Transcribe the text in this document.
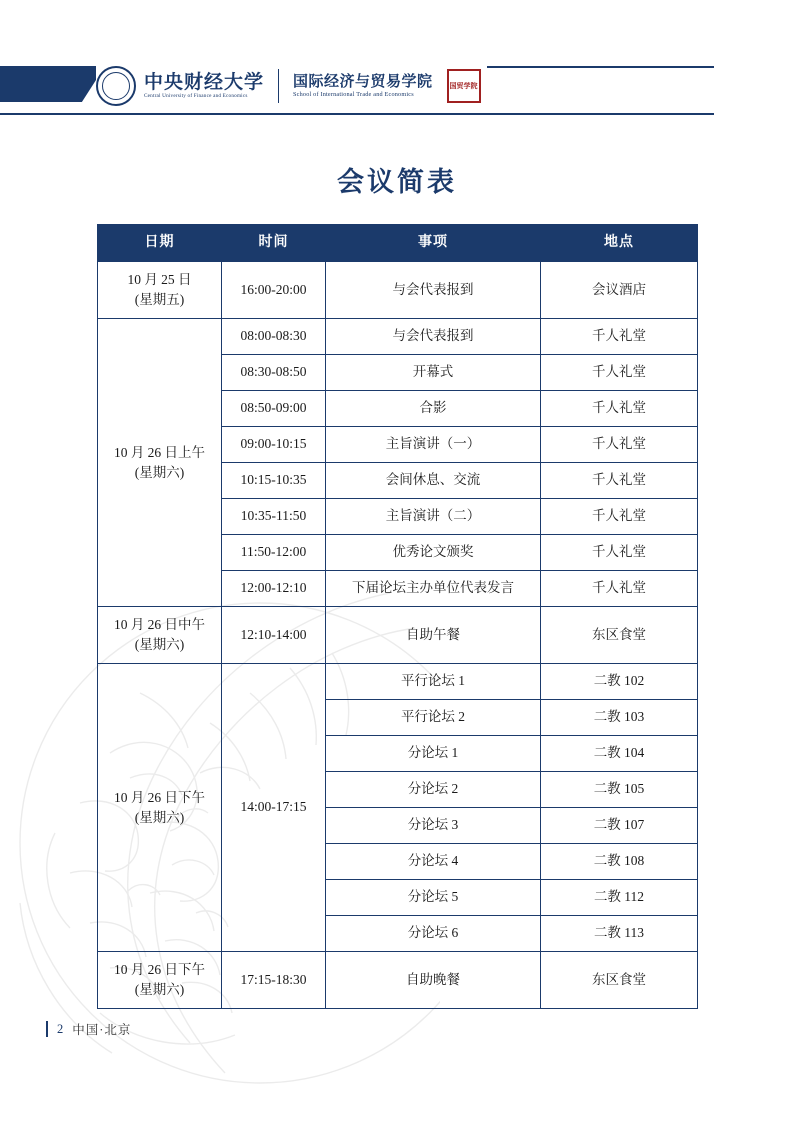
中央财经大学
Central University of Finance and Economics
国际经济与贸易学院
School of International Trade and Economics
国贸学院
会议简表
日期	时间	事项	地点

10 月 25 日
(星期五)	16:00-20:00	与会代表报到	会议酒店

10 月 26 日上午
(星期六)	08:00-08:30	与会代表报到	千人礼堂
	08:30-08:50	开幕式	千人礼堂
	08:50-09:00	合影	千人礼堂
	09:00-10:15	主旨演讲（一）	千人礼堂
	10:15-10:35	会间休息、交流	千人礼堂
	10:35-11:50	主旨演讲（二）	千人礼堂
	11:50-12:00	优秀论文颁奖	千人礼堂
	12:00-12:10	下届论坛主办单位代表发言	千人礼堂

10 月 26 日中午
(星期六)	12:10-14:00	自助午餐	东区食堂

10 月 26 日下午
(星期六)	14:00-17:15	平行论坛 1	二教 102
		平行论坛 2	二教 103
		分论坛 1	二教 104
		分论坛 2	二教 105
		分论坛 3	二教 107
		分论坛 4	二教 108
		分论坛 5	二教 112
		分论坛 6	二教 113

10 月 26 日下午
(星期六)	17:15-18:30	自助晚餐	东区食堂
2 中国·北京
